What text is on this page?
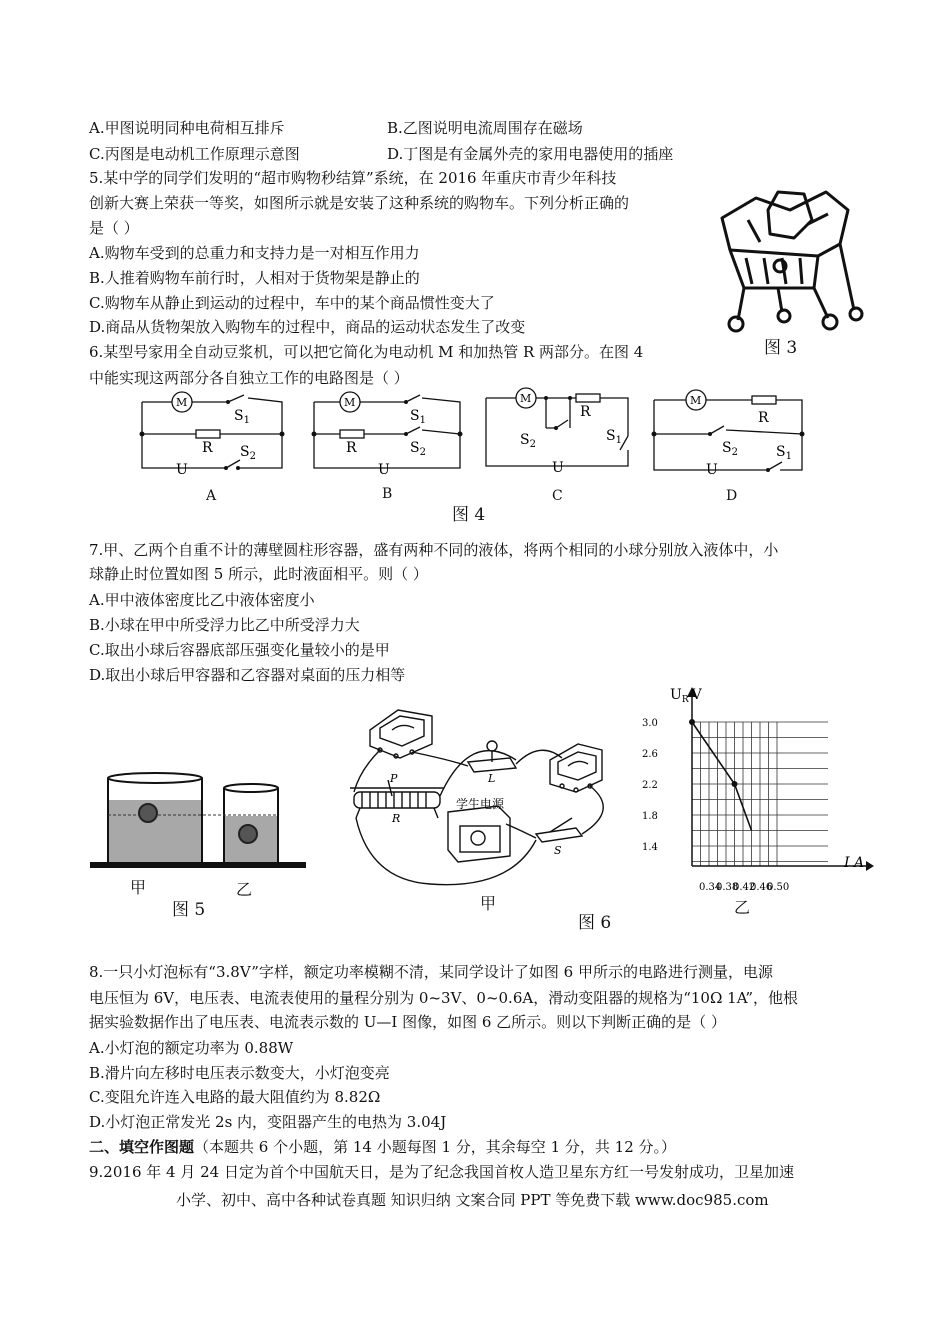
A.甲图说明同种电荷相互排斥	B.乙图说明电流周围存在磁场
C.丙图是电动机工作原理示意图	D.丁图是有金属外壳的家用电器使用的插座
5.某中学的同学们发明的“超市购物秒结算”系统，在 2016 年重庆市青少年科技
创新大赛上荣获一等奖，如图所示就是安装了这种系统的购物车。下列分析正确的
是（ ）
A.购物车受到的总重力和支持力是一对相互作用力
B.人推着购物车前行时，人相对于货物架是静止的
C.购物车从静止到运动的过程中，车中的某个商品惯性变大了
D.商品从货物架放入购物车的过程中，商品的运动状态发生了改变
图 3
6.某型号家用全自动豆浆机，可以把它简化为电动机 M 和加热管 R 两部分。在图 4
中能实现这两部分各自独立工作的电路图是（ ）
M
$S_1$
R $S_2$
U
A
M
$S_1$
R	$S_2$
U
B
M
R
$S_2$
$S_1$
U
C
M
R
$S_2$	$S_1$
U
D
图 4
7.甲、乙两个自重不计的薄壁圆柱形容器，盛有两种不同的液体，将两个相同的小球分别放入液体中，小
球静止时位置如图 5 所示，此时液面相平。则（ ）
A.甲中液体密度比乙中液体密度小
B.小球在甲中所受浮力比乙中所受浮力大
C.取出小球后容器底部压强变化量较小的是甲
D.取出小球后甲容器和乙容器对桌面的压力相等
甲	乙
图 5
P
R
L
S
学生电源
甲
图 6
0.34
0.38
0.42
0.46
0.50
3.0
2.6
2.2
1.8
1.4
$U_R$ V
I A
乙
8.一只小灯泡标有“3.8V”字样，额定功率模糊不清，某同学设计了如图 6 甲所示的电路进行测量，电源
电压恒为 6V，电压表、电流表使用的量程分别为 0~3V、0~0.6A，滑动变阻器的规格为“10Ω 1A”，他根
据实验数据作出了电压表、电流表示数的 U—I 图像，如图 6 乙所示。则以下判断正确的是（ ）
A.小灯泡的额定功率为 0.88W
B.滑片向左移时电压表示数变大，小灯泡变亮
C.变阻允许连入电路的最大阻值约为 8.82Ω
D.小灯泡正常发光 2s 内，变阻器产生的电热为 3.04J
二、填空作图题（本题共 6 个小题，第 14 小题每图 1 分，其余每空 1 分，共 12 分。）
9.2016 年 4 月 24 日定为首个中国航天日，是为了纪念我国首枚人造卫星东方红一号发射成功，卫星加速
小学、初中、高中各种试卷真题 知识归纳 文案合同 PPT 等免费下载 www.doc985.com
